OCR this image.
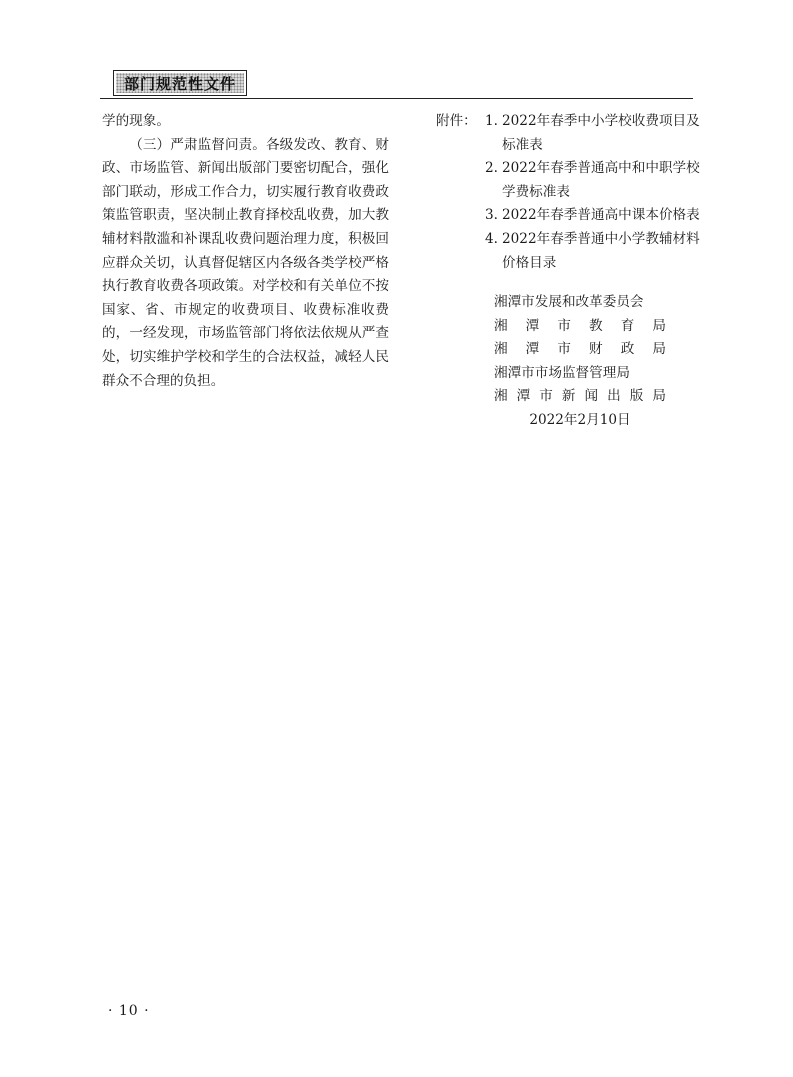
部门规范性文件

学的现象。

（三）严肃监督问责。各级发改、教育、财政、市场监管、新闻出版部门要密切配合，强化部门联动，形成工作合力，切实履行教育收费政策监管职责，坚决制止教育择校乱收费，加大教辅材料散滥和补课乱收费问题治理力度，积极回应群众关切，认真督促辖区内各级各类学校严格执行教育收费各项政策。对学校和有关单位不按国家、省、市规定的收费项目、收费标准收费的，一经发现，市场监管部门将依法依规从严查处，切实维护学校和学生的合法权益，减轻人民群众不合理的负担。

附件： 1. 2022年春季中小学校收费项目及标准表
2. 2022年春季普通高中和中职学校学费标准表
3. 2022年春季普通高中课本价格表
4. 2022年春季普通中小学教辅材料价格目录
湘潭市发展和改革委员会
湘 潭 市 教 育 局
湘 潭 市 财 政 局
湘潭市市场监督管理局
湘 潭 市 新 闻 出 版 局
2022年2月10日
· 10 ·
